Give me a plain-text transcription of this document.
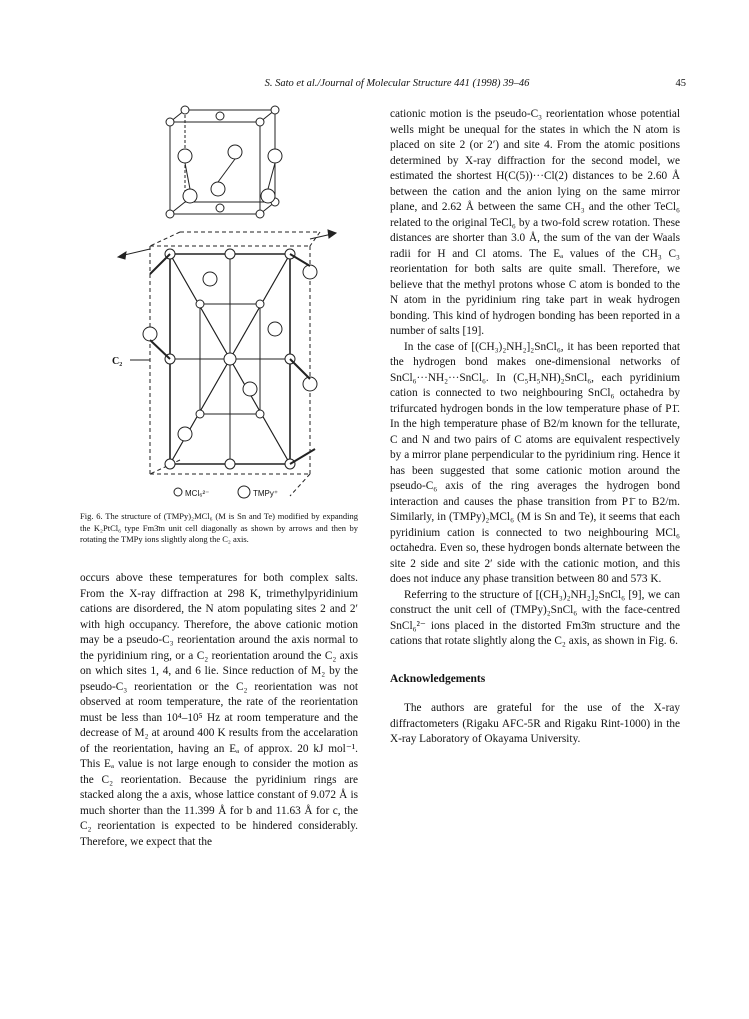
S. Sato et al./Journal of Molecular Structure 441 (1998) 39–46	45
C₂
MCl₆²⁻	TMPy⁺
Fig. 6. The structure of (TMPy)₂MCl₆ (M is Sn and Te) modified by expanding the K₂PtCl₆ type Fm3̄m unit cell diagonally as shown by arrows and then by rotating the TMPy ions slightly along the C₂ axis.

occurs above these temperatures for both complex salts. From the X-ray diffraction at 298 K, trimethylpyridinium cations are disordered, the N atom populating sites 2 and 2′ with high occupancy. Therefore, the above cationic motion may be a pseudo-C₃ reorientation around the axis normal to the pyridinium ring, or a C₂ reorientation around the C₂ axis on which sites 1, 4, and 6 lie. Since reduction of M₂ by the pseudo-C₃ reorientation or the C₂ reorientation was not observed at room temperature, the rate of the reorientation must be less than 10⁴–10⁵ Hz at room temperature and the decrease of M₂ at around 400 K results from the accelaration of the reorientation, having an Eₐ of approx. 20 kJ mol⁻¹. This Eₐ value is not large enough to consider the motion as the C₂ reorientation. Because the pyridinium rings are stacked along the a axis, whose lattice constant of 9.072 Å is much shorter than the 11.399 Å for b and 11.63 Å for c, the C₂ reorientation is expected to be hindered considerably. Therefore, we expect that the

cationic motion is the pseudo-C₃ reorientation whose potential wells might be unequal for the states in which the N atom is placed on site 2 (or 2′) and site 4. From the atomic positions determined by X-ray diffraction for the second model, we estimated the shortest H(C(5))···Cl(2) distances to be 2.60 Å between the cation and the anion lying on the same mirror plane, and 2.62 Å between the same CH₃ and the other TeCl₆ related to the original TeCl₆ by a two-fold screw rotation. These distances are shorter than 3.0 Å, the sum of the van der Waals radii for H and Cl atoms. The Eₐ values of the CH₃ C₃ reorientation for both salts are quite small. Therefore, we believe that the methyl protons whose C atom is bonded to the N atom in the pyridinium ring take part in weak hydrogen bonding. This kind of hydrogen bonding has been reported in a number of salts [19].

In the case of [(CH₃)₂NH₂]₂SnCl₆, it has been reported that the hydrogen bond makes one-dimensional networks of SnCl₆···NH₂···SnCl₆. In (C₅H₅NH)₂SnCl₆, each pyridinium cation is connected to two neighbouring SnCl₆ octahedra by trifurcated hydrogen bonds in the low temperature phase of P1̄. In the high temperature phase of B2/m known for the tellurate, C and N and two pairs of C atoms are equivalent respectively by a mirror plane perpendicular to the pyridinium ring. Hence it has been suggested that some cationic motion around the pseudo-C₆ axis of the ring averages the hydrogen bond interaction and causes the phase transition from P1̄ to B2/m. Similarly, in (TMPy)₂MCl₆ (M is Sn and Te), it seems that each pyridinium cation is connected to two neighbouring MCl₆ octahedra. Even so, these hydrogen bonds alternate between the site 2 side and site 2′ side with the cationic motion, and this does not induce any phase transition between 80 and 573 K.

Referring to the structure of [(CH₃)₂NH₂]₂SnCl₆ [9], we can construct the unit cell of (TMPy)₂SnCl₆ with the face-centred SnCl₆²⁻ ions placed in the distorted Fm3̄m structure and the cations that rotate slightly along the C₂ axis, as shown in Fig. 6.

Acknowledgements
The authors are grateful for the use of the X-ray diffractometers (Rigaku AFC-5R and Rigaku Rint-1000) in the X-ray Laboratory of Okayama University.
